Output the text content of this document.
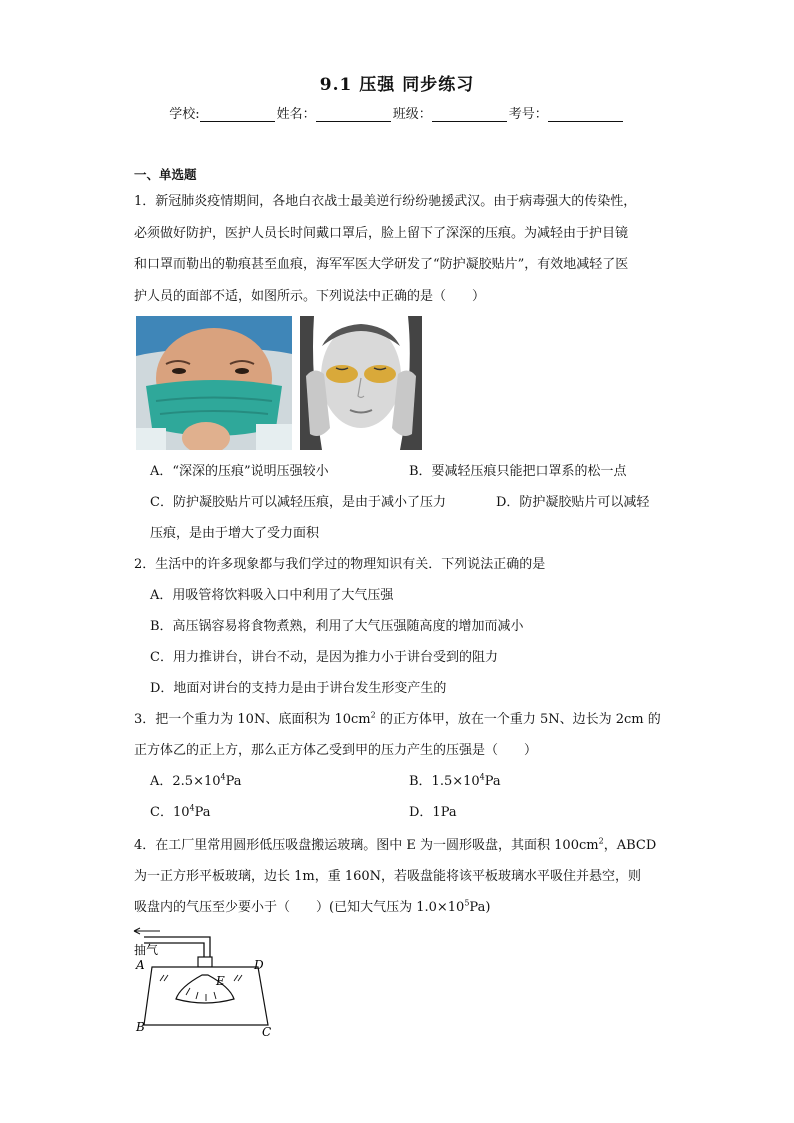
9.1 压强 同步练习
学校:	姓名：	班级：	考号：
一、单选题
1．新冠肺炎疫情期间，各地白衣战士最美逆行纷纷驰援武汉。由于病毒强大的传染性，
必须做好防护，医护人员长时间戴口罩后，脸上留下了深深的压痕。为减轻由于护目镜
和口罩而勒出的勒痕甚至血痕，海军军医大学研发了“防护凝胶贴片”，有效地减轻了医
护人员的面部不适，如图所示。下列说法中正确的是（　　）
A．“深深的压痕”说明压强较小	B．要减轻压痕只能把口罩系的松一点
C．防护凝胶贴片可以减轻压痕，是由于减小了压力	D．防护凝胶贴片可以减轻
压痕，是由于增大了受力面积
2．生活中的许多现象都与我们学过的物理知识有关．下列说法正确的是
A．用吸管将饮料吸入口中利用了大气压强
B．高压锅容易将食物煮熟，利用了大气压强随高度的增加而减小
C．用力推讲台，讲台不动，是因为推力小于讲台受到的阻力
D．地面对讲台的支持力是由于讲台发生形变产生的
3．把一个重力为 10N、底面积为 $10cm^2$ 的正方体甲，放在一个重力 5N、边长为 2cm 的
正方体乙的正上方，那么正方体乙受到甲的压力产生的压强是（　　）
A．$2.5\times 10^4Pa$	B．$1.5\times 10^4Pa$
C．$10^4Pa$	D．1Pa
4．在工厂里常用圆形低压吸盘搬运玻璃。图中 E 为一圆形吸盘，其面积 $100cm^2$，ABCD
为一正方形平板玻璃，边长 1m，重 160N，若吸盘能将该平板玻璃水平吸住并悬空，则
吸盘内的气压至少要小于（　　）(已知大气压为 $1.0\times 10^5Pa$)
抽气
A	D
B	C
E
